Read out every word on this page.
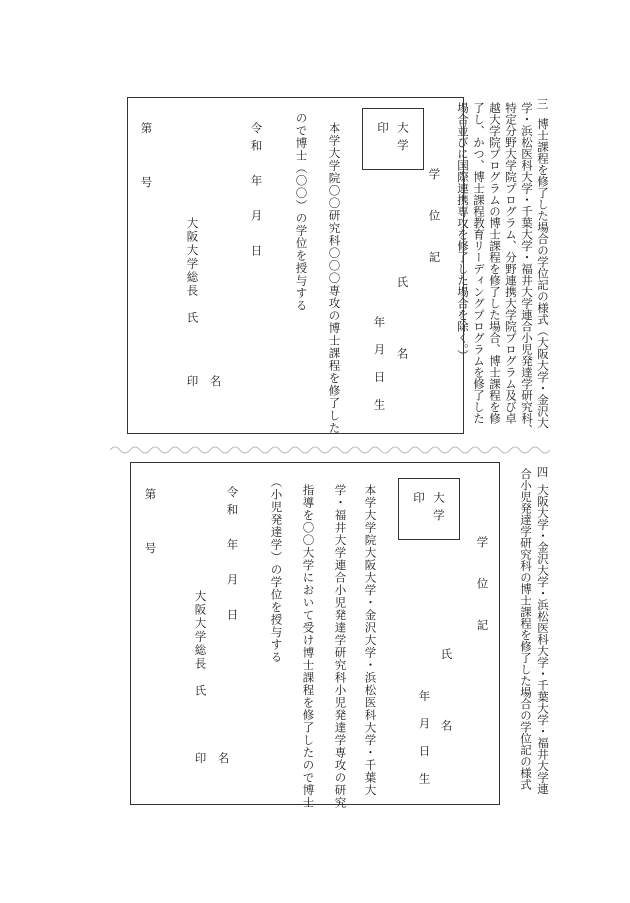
三
博士課程を修了した場合の学位記の様式（大阪大学・金沢大
学・浜松医科大学・千葉大学・福井大学連合小児発達学研究科、
特定分野大学院プログラム、分野連携大学院プログラム及び卓
越大学院プログラムの博士課程を修了した場合、博士課程を修
了し、かつ、博士課程教育リーディングプログラムを修了した
場合並びに国際連携専攻を修了した場合を除く。）
大学
印
学位記
氏名
年月日生
本学大学院〇〇研究科〇〇〇専攻の博士課程を修了した
ので博士（〇〇）の学位を授与する
令和　年　月　日
大阪大学総長　氏
名

印
第　　　号
四
大阪大学・金沢大学・浜松医科大学・千葉大学・福井大学連
合小児発達学研究科の博士課程を修了した場合の学位記の様式
大学
印
学位記
氏名
年月日生
本学大学院大阪大学・金沢大学・浜松医科大学・千葉大
学・福井大学連合小児発達学研究科小児発達学専攻の研究
指導を〇〇大学において受け博士課程を修了したので博士
（小児発達学）の学位を授与する
令和　年　月　日
大阪大学総長　氏
名

印
第　　　号
